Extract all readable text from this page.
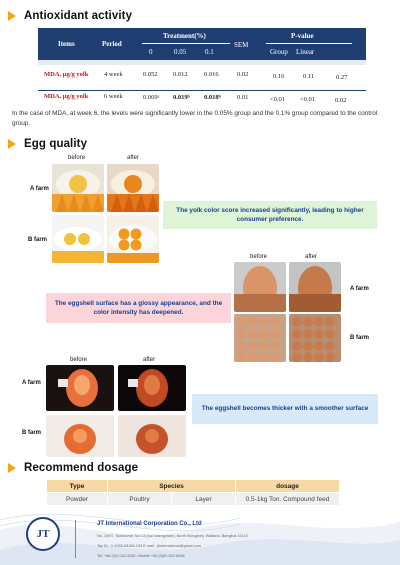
Antioxidant activity
Items	Period
Treatment(%)
0	0.05	0.1
SEM
P-value
Group Linear
MDA, μg/g yolk 4 week	0.052 0.012	0.016	0.02	0.16	0.11	0.27
MDA, μg/g yolk 6 week	0.069ᵃ 0.019ᵇ 0.018ᵇ	0.01	<0.01 <0.01	0.02
In the case of MDA, at week 6, the levels were significantly lower in the 0.05% group and the 0.1% group compared to the control group.
Egg quality
before	after
A farm
B farm
The yolk color score increased significantly, leading to higher consumer preference.
before	after
A farm
B farm
The eggshell surface has a glossy appearance, and the color intensity has deepened.
before	after
A farm
B farm
The eggshell becomes thicker with a smoother surface
Recommend dosage
Type	Species	dosage
Powder	Poultry	Layer	0.5-1kg Ton. Compound feed
JT
JT International Corporation Co., Ltd
No. 19/97, Sukhumvit Soi 13 (Soi Saengchan), North Klongtoey, Wattana, Bangkok 10110
Tax ID.: 0-1055-58166-134 E-mail : jtinternational@gmail.com
Tel: +66 (0)2-042-0284 / Mobile +66 (0)81-922-6068
